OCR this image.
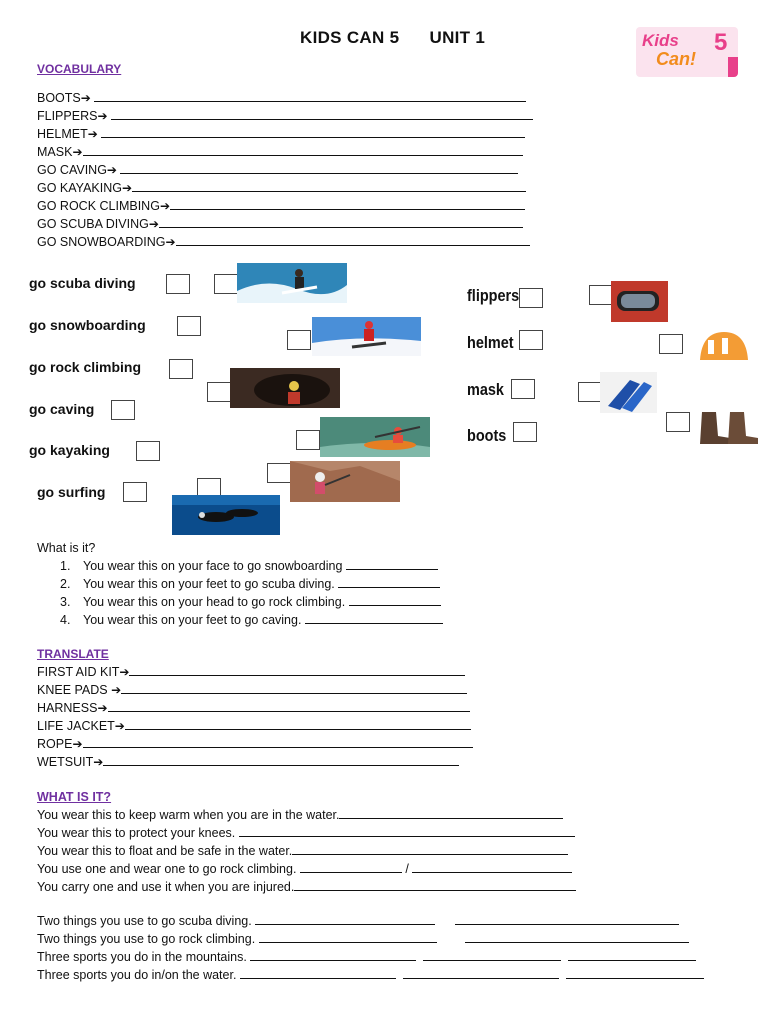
KIDS CAN 5      UNIT 1	Kids
Can!
5
VOCABULARY
BOOTS➔
FLIPPERS➔
HELMET➔
MASK➔
GO CAVING➔
GO KAYAKING➔
GO ROCK CLIMBING➔
GO SCUBA DIVING➔
GO SNOWBOARDING➔
go scuba diving
go snowboarding
go rock climbing
go caving
go kayaking
go surfing
flippers
helmet
mask
boots
What is it?
1. You wear this on your face to go snowboarding
2. You wear this on your feet to go scuba diving.
3. You wear this on your head to go rock climbing.
4. You wear this on your feet to go caving.
TRANSLATE
FIRST AID KIT➔
KNEE PADS ➔
HARNESS➔
LIFE JACKET➔
ROPE➔
WETSUIT➔
WHAT IS IT?
You wear this to keep warm when you are in the water.
You wear this to protect your knees.
You wear this to float and be safe in the water.
You use one and wear one to go rock climbing.	/
You carry one and use it when you are injured.
Two things you use to go scuba diving.
Two things you use to go rock climbing.
Three sports you do in the mountains.
Three sports you do in/on the water.
